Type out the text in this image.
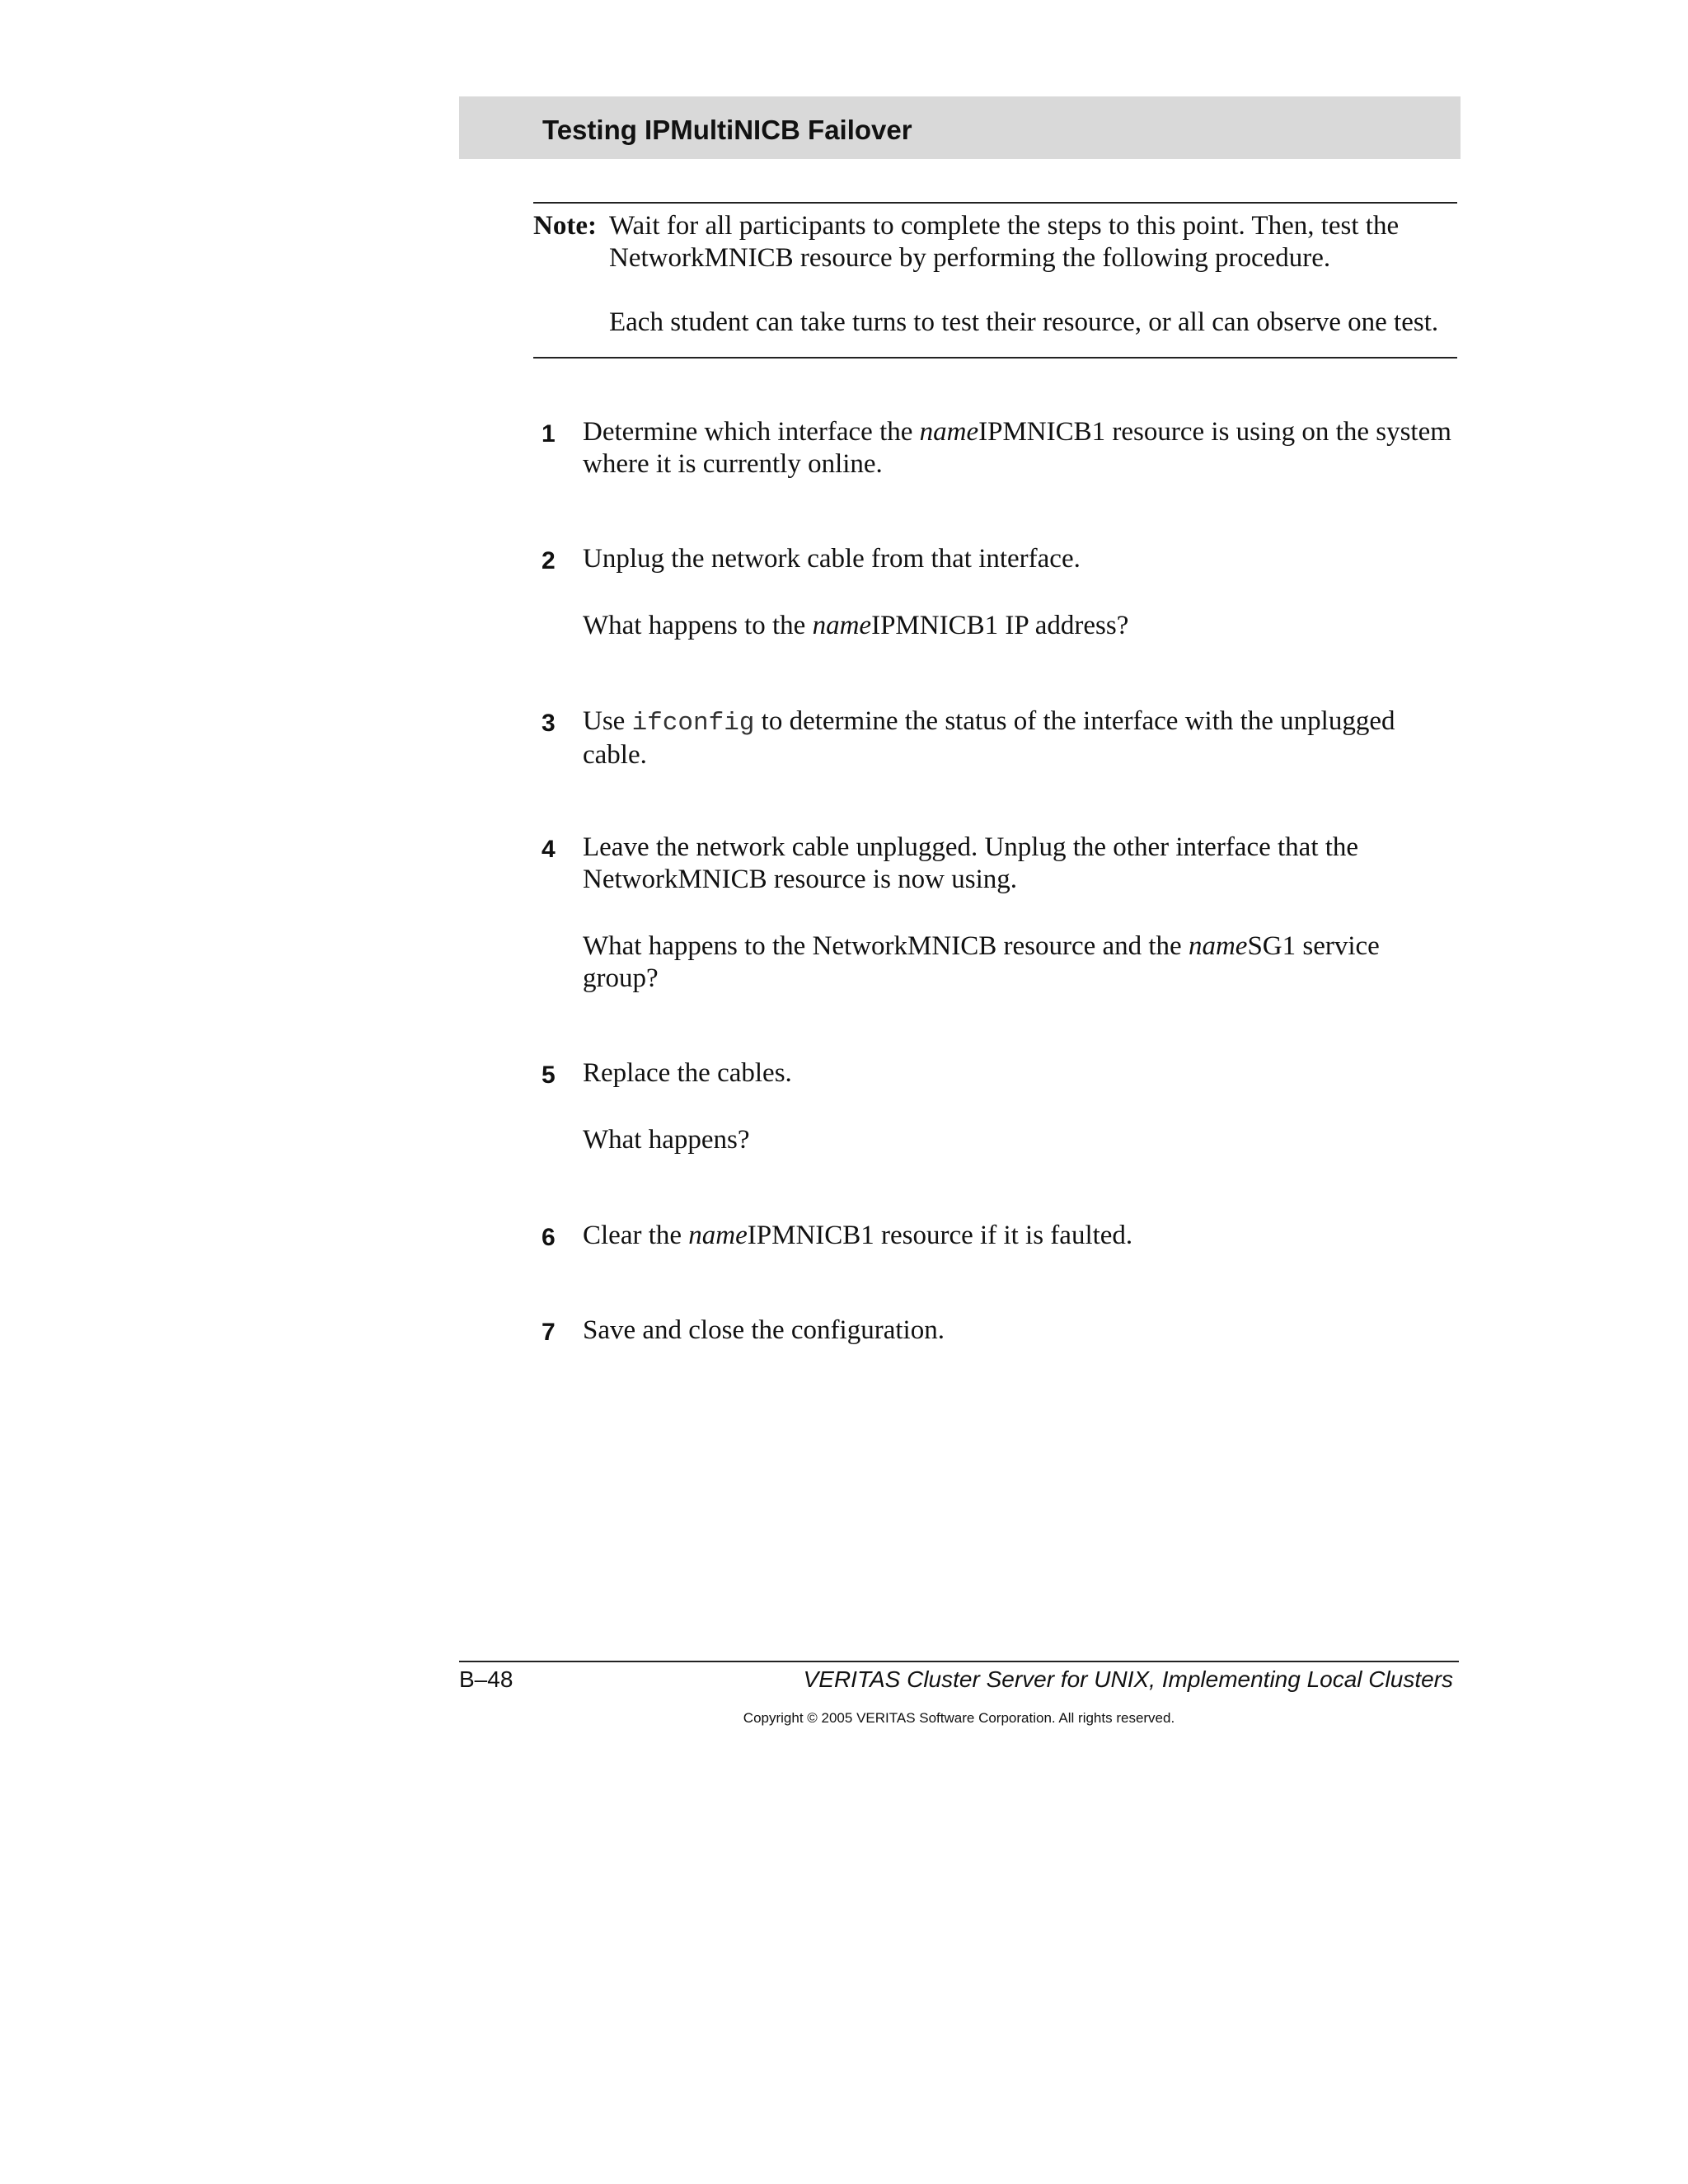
Testing IPMultiNICB Failover
Note: Wait for all participants to complete the steps to this point. Then, test the NetworkMNICB resource by performing the following procedure.

Each student can take turns to test their resource, or all can observe one test.

1 Determine which interface the nameIPMNICB1 resource is using on the system where it is currently online.

2 Unplug the network cable from that interface.

What happens to the nameIPMNICB1 IP address?

3 Use ifconfig to determine the status of the interface with the unplugged cable.

4 Leave the network cable unplugged. Unplug the other interface that the NetworkMNICB resource is now using.

What happens to the NetworkMNICB resource and the nameSG1 service group?

5 Replace the cables.

What happens?

6 Clear the nameIPMNICB1 resource if it is faulted.

7 Save and close the configuration.

B–48	VERITAS Cluster Server for UNIX, Implementing Local Clusters
Copyright © 2005 VERITAS Software Corporation. All rights reserved.
